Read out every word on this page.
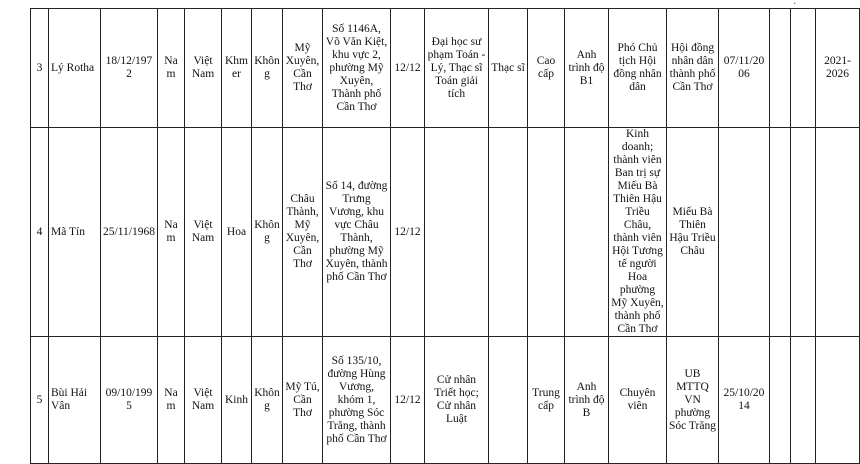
.
3	Lý Rotha	18/12/1972	Nam	Việt Nam	Khmer	Không	Mỹ Xuyên, Cần Thơ	Số 1146A, Võ Văn Kiệt, khu vực 2, phường Mỹ Xuyên, Thành phố Cần Thơ	12/12	Đại học sư phạm Toán - Lý, Thạc sĩ Toán giải tích	Thạc sĩ	Cao cấp	Anh trình độ B1	Phó Chủ tịch Hội đồng nhân dân	Hội đồng nhân dân thành phố Cần Thơ	07/11/2006			2021-2026
4	Mã Tín	25/11/1968	Nam	Việt Nam	Hoa	Không	Châu Thành, Mỹ Xuyên, Cần Thơ	Số 14, đường Trưng Vương, khu vực Châu Thành, phường Mỹ Xuyên, thành phố Cần Thơ	12/12					Kinh doanh; thành viên Ban trị sự Miếu Bà Thiên Hậu Triều Châu, thành viên Hội Tương tế người Hoa phường Mỹ Xuyên, thành phố Cần Thơ	Miếu Bà Thiên Hậu Triều Châu				
5	Bùi Hải Vân	09/10/1995	Nam	Việt Nam	Kinh	Không	Mỹ Tú, Cần Thơ	Số 135/10, đường Hùng Vương, khóm 1, phường Sóc Trăng, thành phố Cần Thơ	12/12	Cử nhân Triết học; Cử nhân Luật		Trung cấp	Anh trình độ B	Chuyên viên	UB MTTQ VN phường Sóc Trăng	25/10/2014			
